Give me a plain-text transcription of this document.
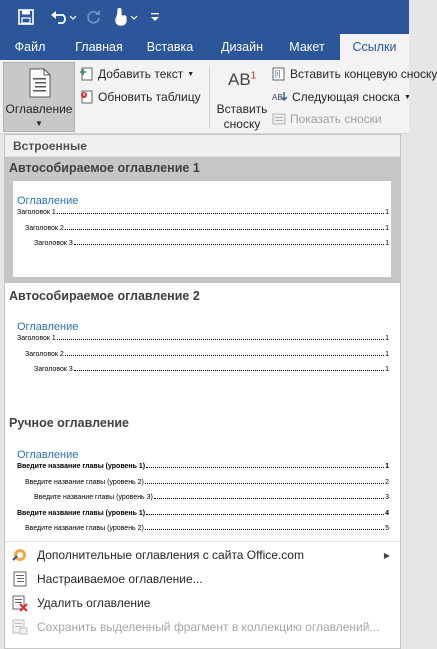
Файл	Главная	Вставка	Дизайн	Макет	Ссылки
Оглавление
▼
Добавить текст ▼
Обновить таблицу
$AB^1$
Вставить
сноску
[i] Вставить концевую сноску
AB Следующая сноска ▼
Показать сноски
Встроенные
Автособираемое оглавление 1
Оглавление
Заголовок 1	1
Заголовок 2	1
Заголовок 3	1
Автособираемое оглавление 2
Оглавление
Заголовок 1	1
Заголовок 2	1
Заголовок 3	1
Ручное оглавление
Оглавление
Введите название главы (уровень 1)	1
Введите название главы (уровень 2)	2
Введите название главы (уровень 3)	3
Введите название главы (уровень 1)	4
Введите название главы (уровень 2)	5
Дополнительные оглавления с сайта Office.com	▶
Настраиваемое оглавление...
Удалить оглавление
Сохранить выделенный фрагмент в коллекцию оглавлений...
